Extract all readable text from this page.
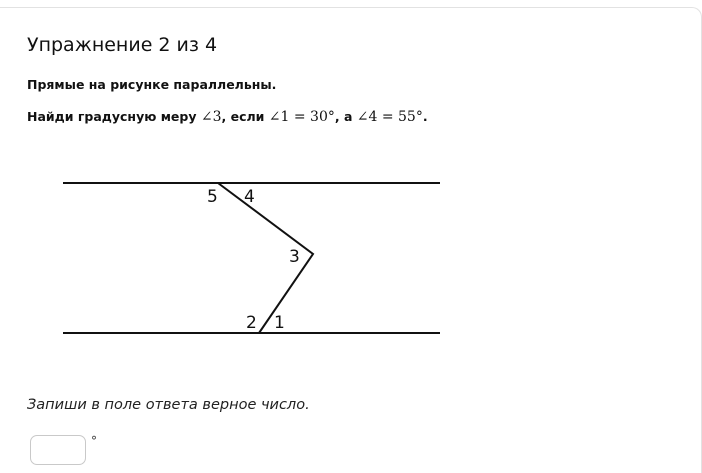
Упражнение 2 из 4
Прямые на рисунке параллельны.
Найди градусную меру ∠3, если ∠1 = 30°, а ∠4 = 55°.
5 4
3
2 1
Запиши в поле ответа верное число.
°
